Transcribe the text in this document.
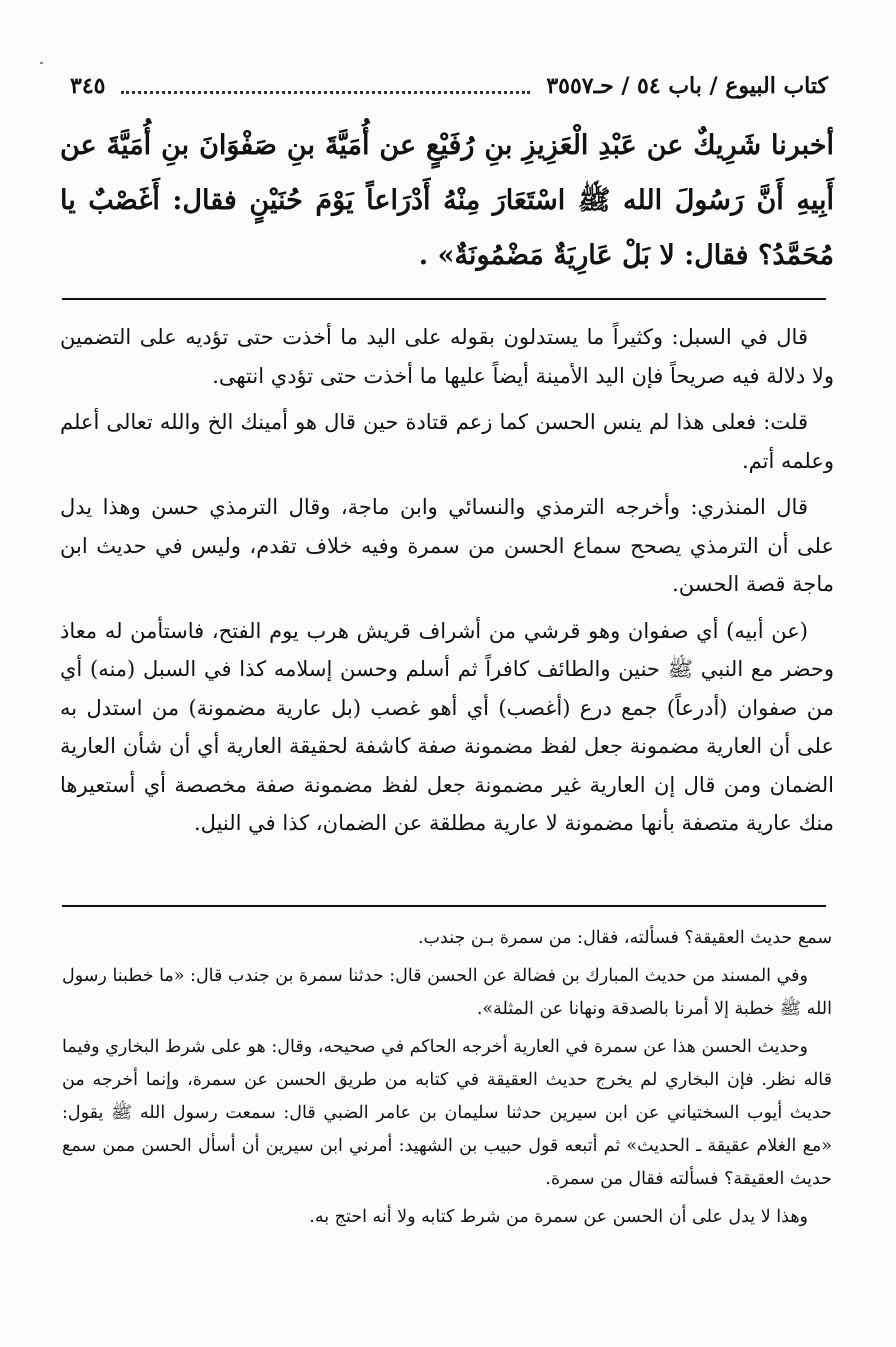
كتاب البيوع / باب ٥٤ / حـ٣٥٥٧
٣٤٥

أخبرنا شَرِيكٌ عن عَبْدِ الْعَزِيزِ بنِ رُفَيْعٍ عن أُمَيَّةَ بنِ صَفْوَانَ بنِ أُمَيَّةَ عن أَبِيهِ أَنَّ رَسُولَ الله ﷺ اسْتَعَارَ مِنْهُ أَدْرَاعاً يَوْمَ حُنَيْنٍ فقال: أَغَصْبٌ يا مُحَمَّدُ؟ فقال: لا بَلْ عَارِيَةٌ مَضْمُونَةٌ» .

قال في السبل: وكثيراً ما يستدلون بقوله على اليد ما أخذت حتى تؤديه على التضمين ولا دلالة فيه صريحاً فإن اليد الأمينة أيضاً عليها ما أخذت حتى تؤدي انتهى.

قلت: فعلى هذا لم ينس الحسن كما زعم قتادة حين قال هو أمينك الخ والله تعالى أعلم وعلمه أتم.

قال المنذري: وأخرجه الترمذي والنسائي وابن ماجة، وقال الترمذي حسن وهذا يدل على أن الترمذي يصحح سماع الحسن من سمرة وفيه خلاف تقدم، وليس في حديث ابن ماجة قصة الحسن.

(عن أبيه) أي صفوان وهو قرشي من أشراف قريش هرب يوم الفتح، فاستأمن له معاذ وحضر مع النبي ﷺ حنين والطائف كافراً ثم أسلم وحسن إسلامه كذا في السبل (منه) أي من صفوان (أدرعاً) جمع درع (أغصب) أي أهو غصب (بل عارية مضمونة) من استدل به على أن العارية مضمونة جعل لفظ مضمونة صفة كاشفة لحقيقة العارية أي أن شأن العارية الضمان ومن قال إن العارية غير مضمونة جعل لفظ مضمونة صفة مخصصة أي أستعيرها منك عارية متصفة بأنها مضمونة لا عارية مطلقة عن الضمان، كذا في النيل.

سمع حديث العقيقة؟ فسألته، فقال: من سمرة بـن جندب.

وفي المسند من حديث المبارك بن فضالة عن الحسن قال: حدثنا سمرة بن جندب قال: «ما خطبنا رسول الله ﷺ خطبة إلا أمرنا بالصدقة ونهانا عن المثلة».

وحديث الحسن هذا عن سمرة في العارية أخرجه الحاكم في صحيحه، وقال: هو على شرط البخاري وفيما قاله نظر. فإن البخاري لم يخرج حديث العقيقة في كتابه من طريق الحسن عن سمرة، وإنما أخرجه من حديث أيوب السختياني عن ابن سيرين حدثنا سليمان بن عامر الضبي قال: سمعت رسول الله ﷺ يقول: «مع الغلام عقيقة ـ الحديث» ثم أتبعه قول حبيب بن الشهيد: أمرني ابن سيرين أن أسأل الحسن ممن سمع حديث العقيقة؟ فسألته فقال من سمرة.

وهذا لا يدل على أن الحسن عن سمرة من شرط كتابه ولا أنه احتج به.
